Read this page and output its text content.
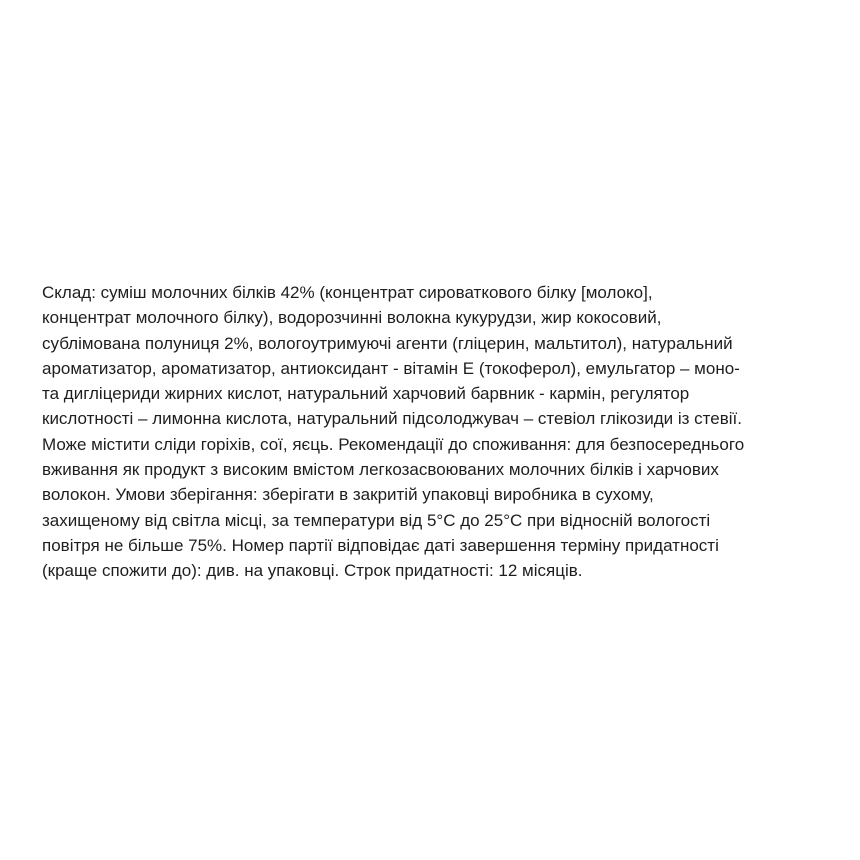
Склад: суміш молочних білків 42% (концентрат сироваткового білку [молоко],
концентрат молочного білку), водорозчинні волокна кукурудзи, жир кокосовий,
сублімована полуниця 2%, вологоутримуючі агенти (гліцерин, мальтитол), натуральний
ароматизатор, ароматизатор, антиоксидант - вітамін Е (токоферол), емульгатор – моно-
та дигліцериди жирних кислот, натуральний харчовий барвник - кармін, регулятор
кислотності – лимонна кислота, натуральний підсолоджувач – стевіол глікозиди із стевії.
Може містити сліди горіхів, сої, яєць. Рекомендації до споживання: для безпосереднього
вживання як продукт з високим вмістом легкозасвоюваних молочних білків і харчових
волокон. Умови зберігання: зберігати в закритій упаковці виробника в сухому,
захищеному від світла місці, за температури від 5°С до 25°С при відносній вологості
повітря не більше 75%. Номер партії відповідає даті завершення терміну придатності
(краще спожити до): див. на упаковці. Строк придатності: 12 місяців.
